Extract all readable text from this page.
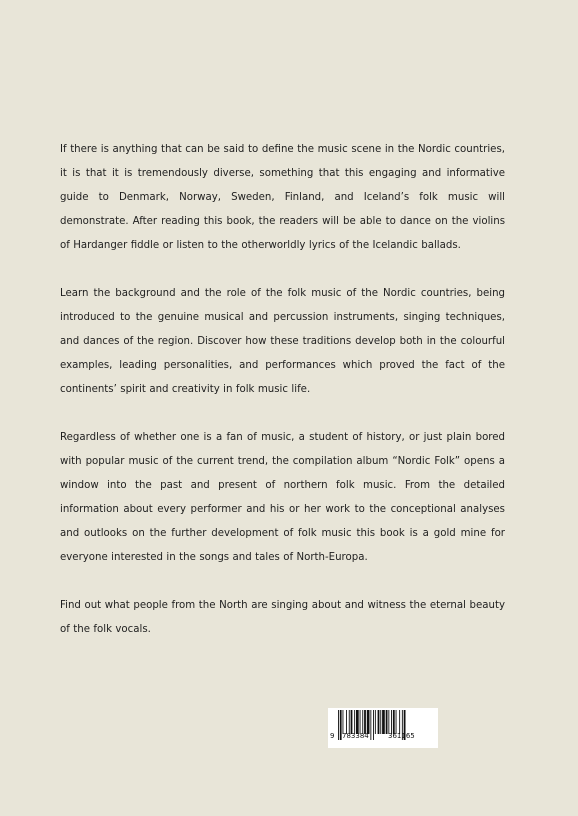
If there is anything that can be said to define the music scene in the Nordic countries, it is that it is tremendously diverse, something that this engaging and informative guide to Denmark, Norway, Sweden, Finland, and Iceland’s folk music will demonstrate. After reading this book, the readers will be able to dance on the violins of Hardanger fiddle or listen to the otherworldly lyrics of the Icelandic ballads.

Learn the background and the role of the folk music of the Nordic countries, being introduced to the genuine musical and percussion instruments, singing techniques, and dances of the region. Discover how these traditions develop both in the colourful examples, leading personalities, and performances which proved the fact of the continents’ spirit and creativity in folk music life.

Regardless of whether one is a fan of music, a student of history, or just plain bored with popular music of the current trend, the compilation album “Nordic Folk” opens a window into the past and present of northern folk music. From the detailed information about every performer and his or her work to the conceptional analyses and outlooks on the further development of folk music this book is a gold mine for everyone interested in the songs and tales of North-Europa.

Find out what people from the North are singing about and witness the eternal beauty of the folk vocals.

9 783384	361165
